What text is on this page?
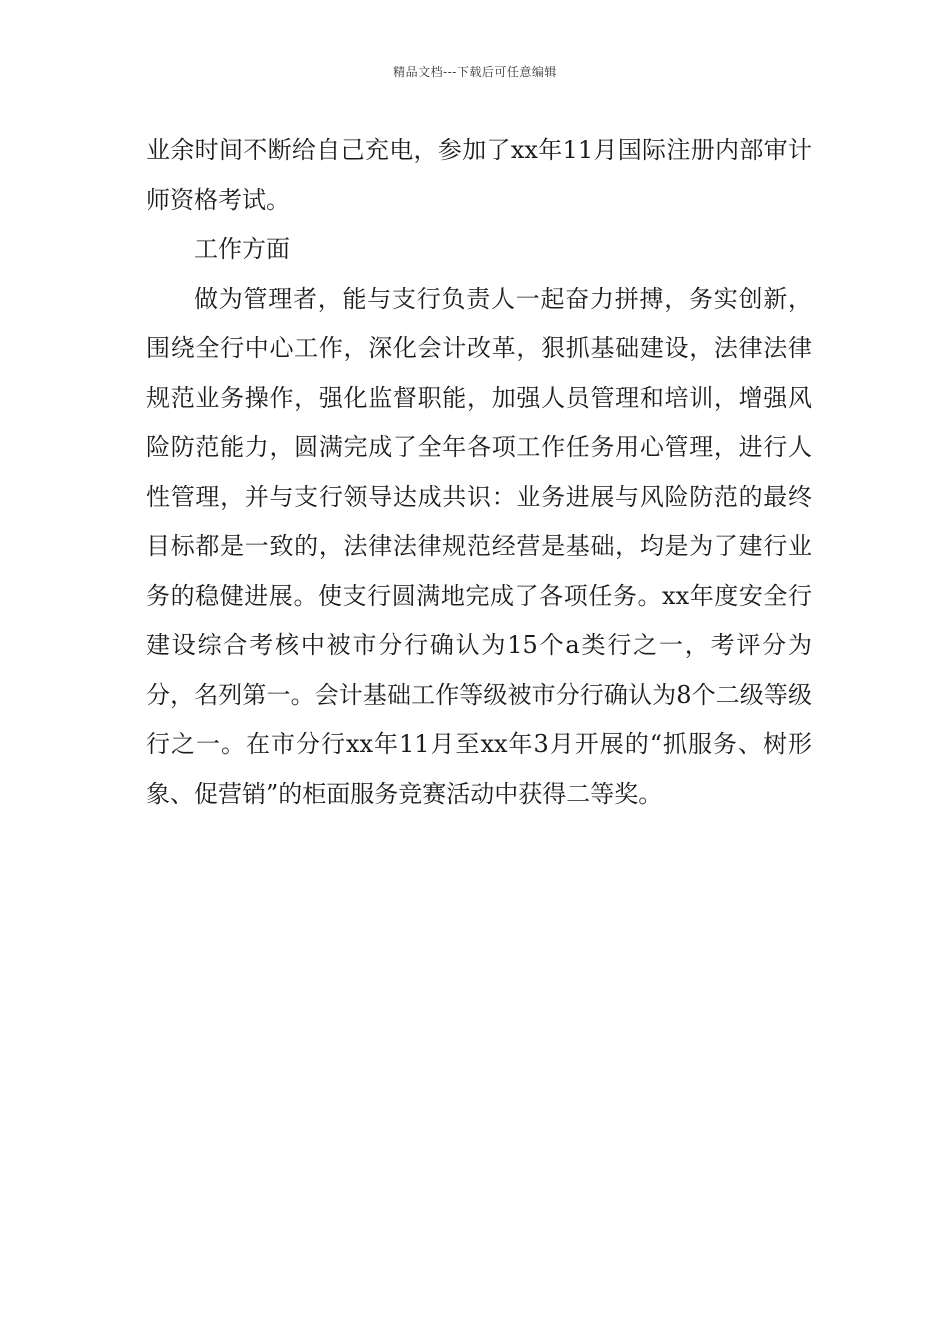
精品文档---下载后可任意编辑

业余时间不断给自己充电，参加了xx年11月国际注册内部审计师资格考试。

工作方面

做为管理者，能与支行负责人一起奋力拼搏，务实创新，围绕全行中心工作，深化会计改革，狠抓基础建设，法律法律规范业务操作，强化监督职能，加强人员管理和培训，增强风险防范能力，圆满完成了全年各项工作任务用心管理，进行人性管理，并与支行领导达成共识：业务进展与风险防范的最终目标都是一致的，法律法律规范经营是基础，均是为了建行业务的稳健进展。使支行圆满地完成了各项任务。xx年度安全行建设综合考核中被市分行确认为15个a类行之一，考评分为分，名列第一。会计基础工作等级被市分行确认为8个二级等级行之一。在市分行xx年11月至xx年3月开展的“抓服务、树形象、促营销”的柜面服务竞赛活动中获得二等奖。
